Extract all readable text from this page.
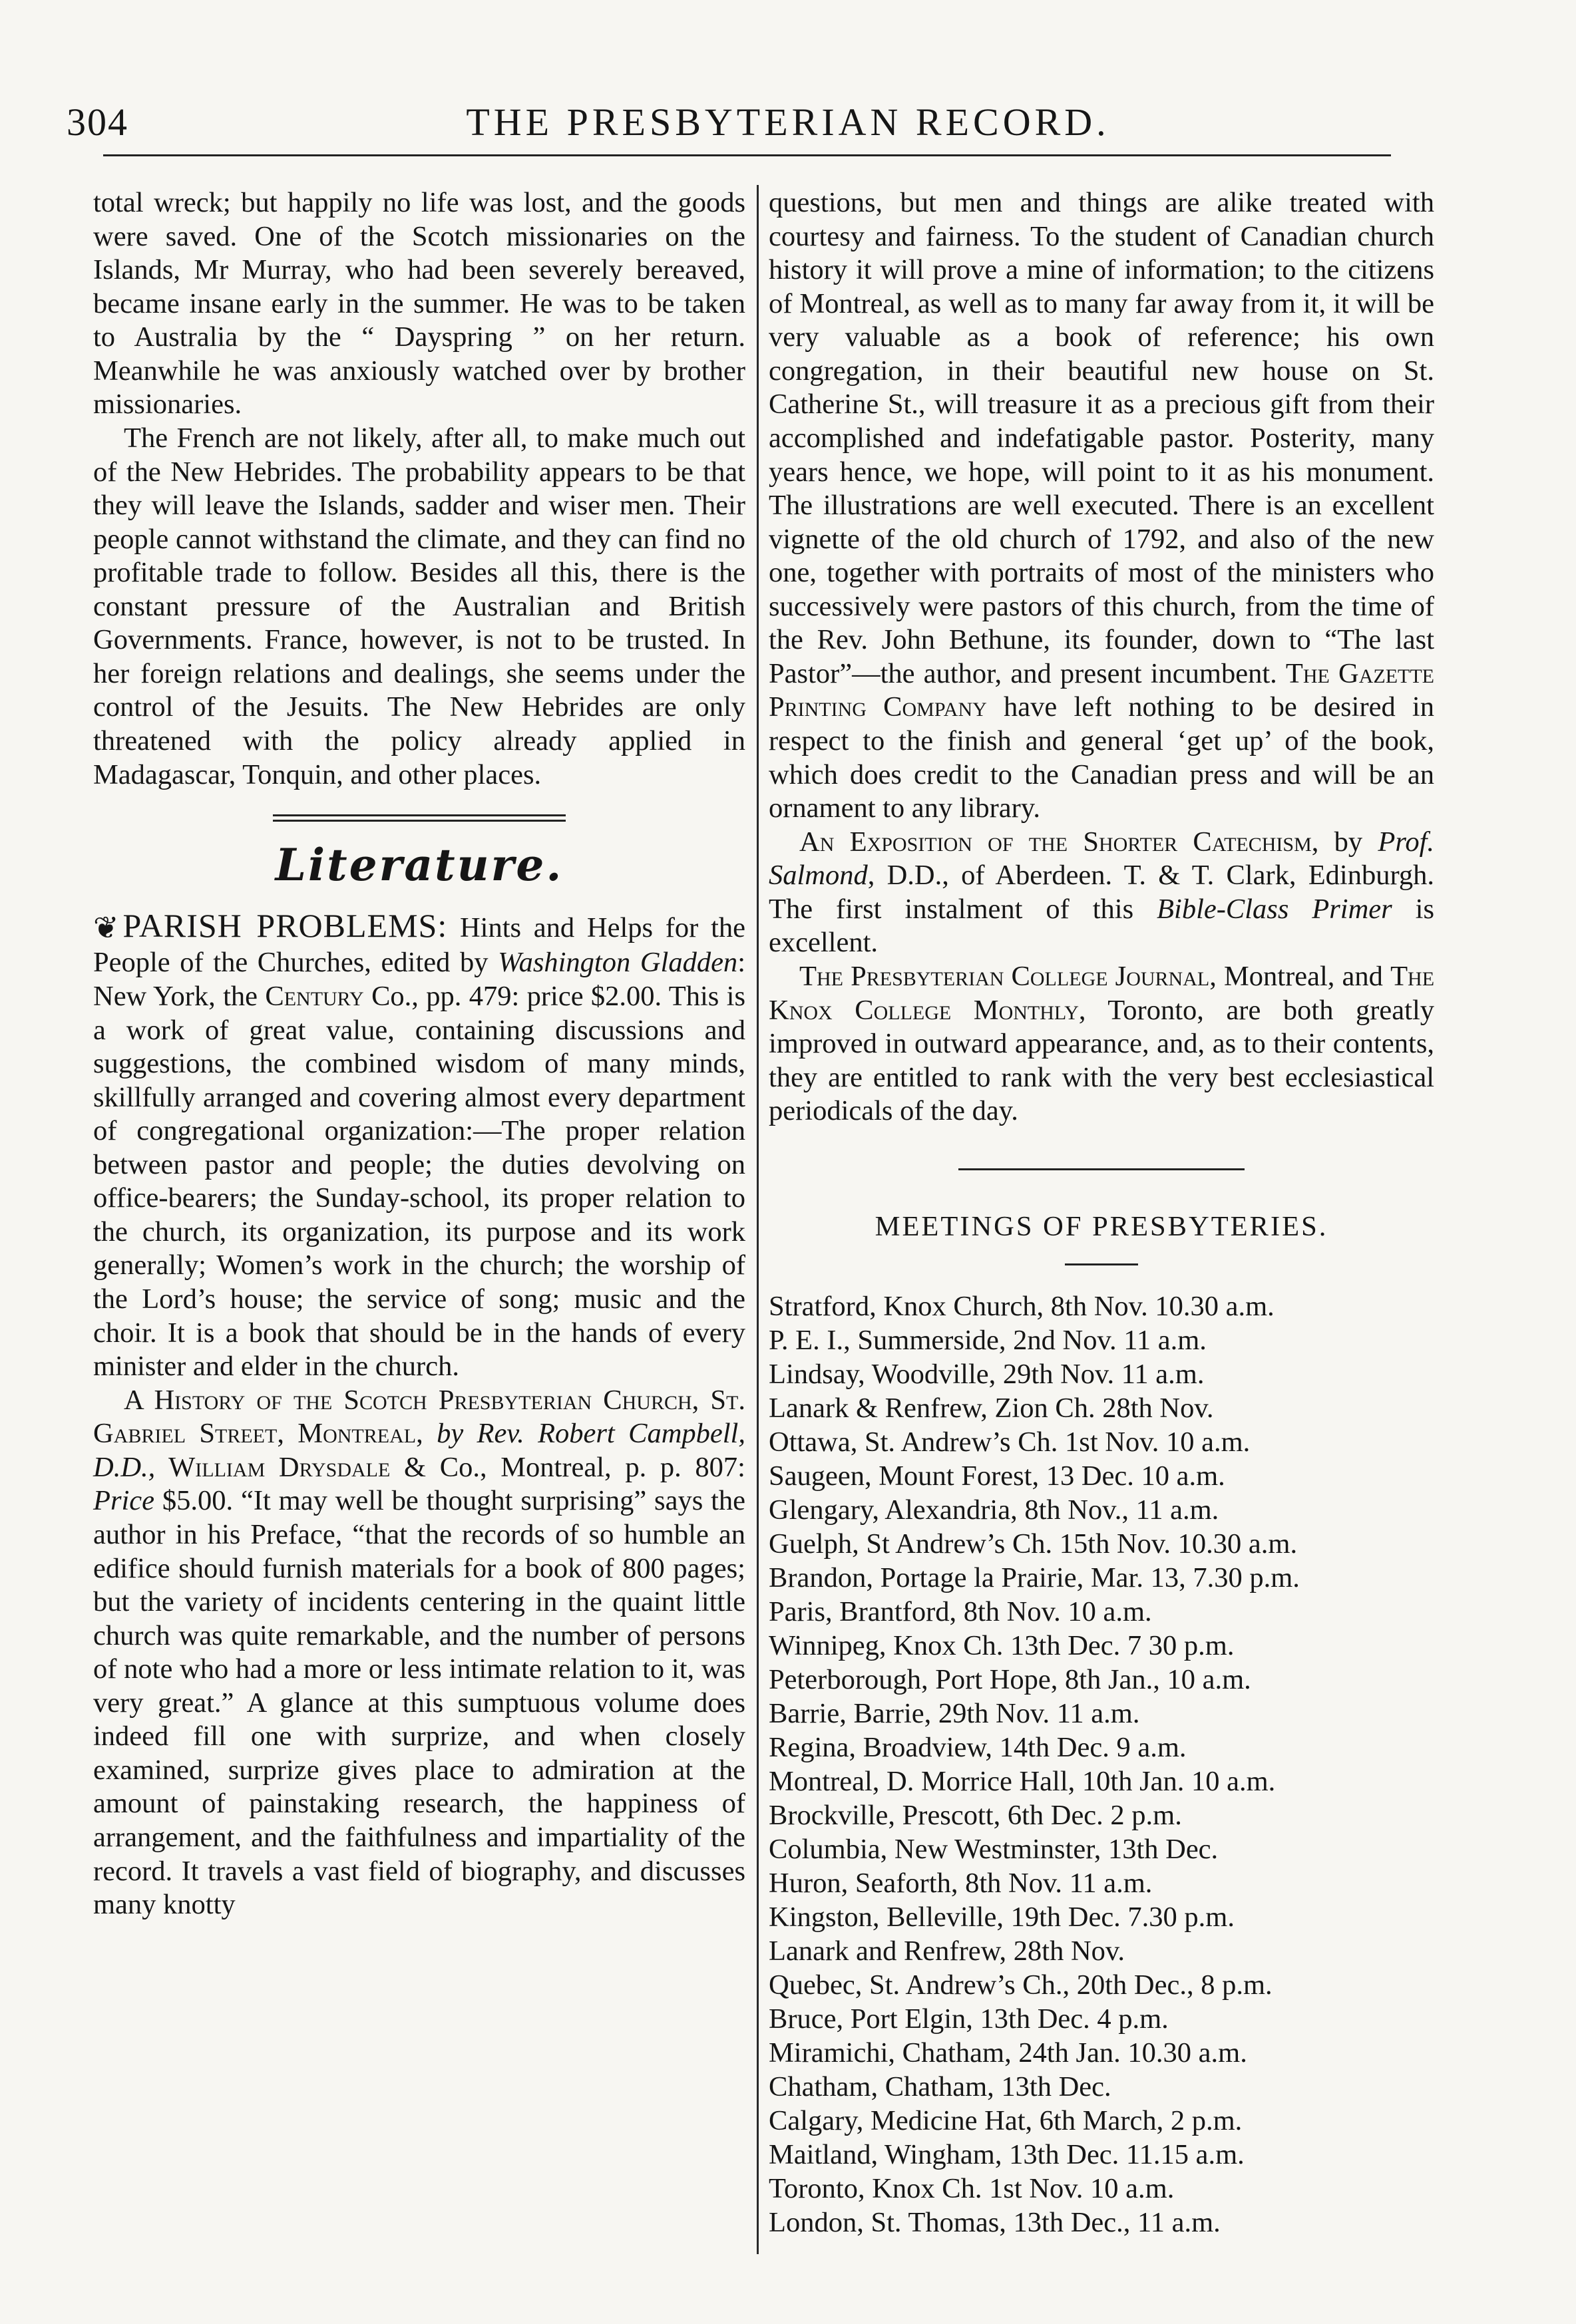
304	THE PRESBYTERIAN RECORD.

total wreck; but happily no life was lost, and the goods were saved. One of the Scotch missionaries on the Islands, Mr Murray, who had been severely bereaved, became insane early in the summer. He was to be taken to Australia by the “ Dayspring ” on her return. Meanwhile he was anxiously watched over by brother missionaries.

The French are not likely, after all, to make much out of the New Hebrides. The probability appears to be that they will leave the Islands, sadder and wiser men. Their people cannot withstand the climate, and they can find no profitable trade to follow. Besides all this, there is the constant pressure of the Australian and British Governments. France, however, is not to be trusted. In her foreign relations and dealings, she seems under the control of the Jesuits. The New Hebrides are only threatened with the policy already applied in Madagascar, Tonquin, and other places.

Literature.

❦ PARISH PROBLEMS: Hints and Helps for the People of the Churches, edited by Washington Gladden: New York, the Century Co., pp. 479: price $2.00. This is a work of great value, containing discussions and suggestions, the combined wisdom of many minds, skillfully arranged and covering almost every department of congregational organization:—The proper relation between pastor and people; the duties devolving on office-bearers; the Sunday-school, its proper relation to the church, its organization, its purpose and its work generally; Women’s work in the church; the worship of the Lord’s house; the service of song; music and the choir. It is a book that should be in the hands of every minister and elder in the church.

A History of the Scotch Presbyterian Church, St. Gabriel Street, Montreal, by Rev. Robert Campbell, D.D., William Drysdale & Co., Montreal, p. p. 807: Price $5.00. “It may well be thought surprising” says the author in his Preface, “that the records of so humble an edifice should furnish materials for a book of 800 pages; but the variety of incidents centering in the quaint little church was quite remarkable, and the number of persons of note who had a more or less intimate relation to it, was very great.” A glance at this sumptuous volume does indeed fill one with surprize, and when closely examined, surprize gives place to admiration at the amount of painstaking research, the happiness of arrangement, and the faithfulness and impartiality of the record. It travels a vast field of biography, and discusses many knotty

questions, but men and things are alike treated with courtesy and fairness. To the student of Canadian church history it will prove a mine of information; to the citizens of Montreal, as well as to many far away from it, it will be very valuable as a book of reference; his own congregation, in their beautiful new house on St. Catherine St., will treasure it as a precious gift from their accomplished and indefatigable pastor. Posterity, many years hence, we hope, will point to it as his monument. The illustrations are well executed. There is an excellent vignette of the old church of 1792, and also of the new one, together with portraits of most of the ministers who successively were pastors of this church, from the time of the Rev. John Bethune, its founder, down to “The last Pastor”—the author, and present incumbent. The Gazette Printing Company have left nothing to be desired in respect to the finish and general ‘get up’ of the book, which does credit to the Canadian press and will be an ornament to any library.

An Exposition of the Shorter Catechism, by Prof. Salmond, D.D., of Aberdeen. T. & T. Clark, Edinburgh. The first instalment of this Bible-Class Primer is excellent.

The Presbyterian College Journal, Montreal, and The Knox College Monthly, Toronto, are both greatly improved in outward appearance, and, as to their contents, they are entitled to rank with the very best ecclesiastical periodicals of the day.

MEETINGS OF PRESBYTERIES.
Stratford, Knox Church, 8th Nov. 10.30 a.m.
P. E. I., Summerside, 2nd Nov. 11 a.m.
Lindsay, Woodville, 29th Nov. 11 a.m.
Lanark & Renfrew, Zion Ch. 28th Nov.
Ottawa, St. Andrew’s Ch. 1st Nov. 10 a.m.
Saugeen, Mount Forest, 13 Dec. 10 a.m.
Glengary, Alexandria, 8th Nov., 11 a.m.
Guelph, St Andrew’s Ch. 15th Nov. 10.30 a.m.
Brandon, Portage la Prairie, Mar. 13, 7.30 p.m.
Paris, Brantford, 8th Nov. 10 a.m.
Winnipeg, Knox Ch. 13th Dec. 7 30 p.m.
Peterborough, Port Hope, 8th Jan., 10 a.m.
Barrie, Barrie, 29th Nov. 11 a.m.
Regina, Broadview, 14th Dec. 9 a.m.
Montreal, D. Morrice Hall, 10th Jan. 10 a.m.
Brockville, Prescott, 6th Dec. 2 p.m.
Columbia, New Westminster, 13th Dec.
Huron, Seaforth, 8th Nov. 11 a.m.
Kingston, Belleville, 19th Dec. 7.30 p.m.
Lanark and Renfrew, 28th Nov.
Quebec, St. Andrew’s Ch., 20th Dec., 8 p.m.
Bruce, Port Elgin, 13th Dec. 4 p.m.
Miramichi, Chatham, 24th Jan. 10.30 a.m.
Chatham, Chatham, 13th Dec.
Calgary, Medicine Hat, 6th March, 2 p.m.
Maitland, Wingham, 13th Dec. 11.15 a.m.
Toronto, Knox Ch. 1st Nov. 10 a.m.
London, St. Thomas, 13th Dec., 11 a.m.
